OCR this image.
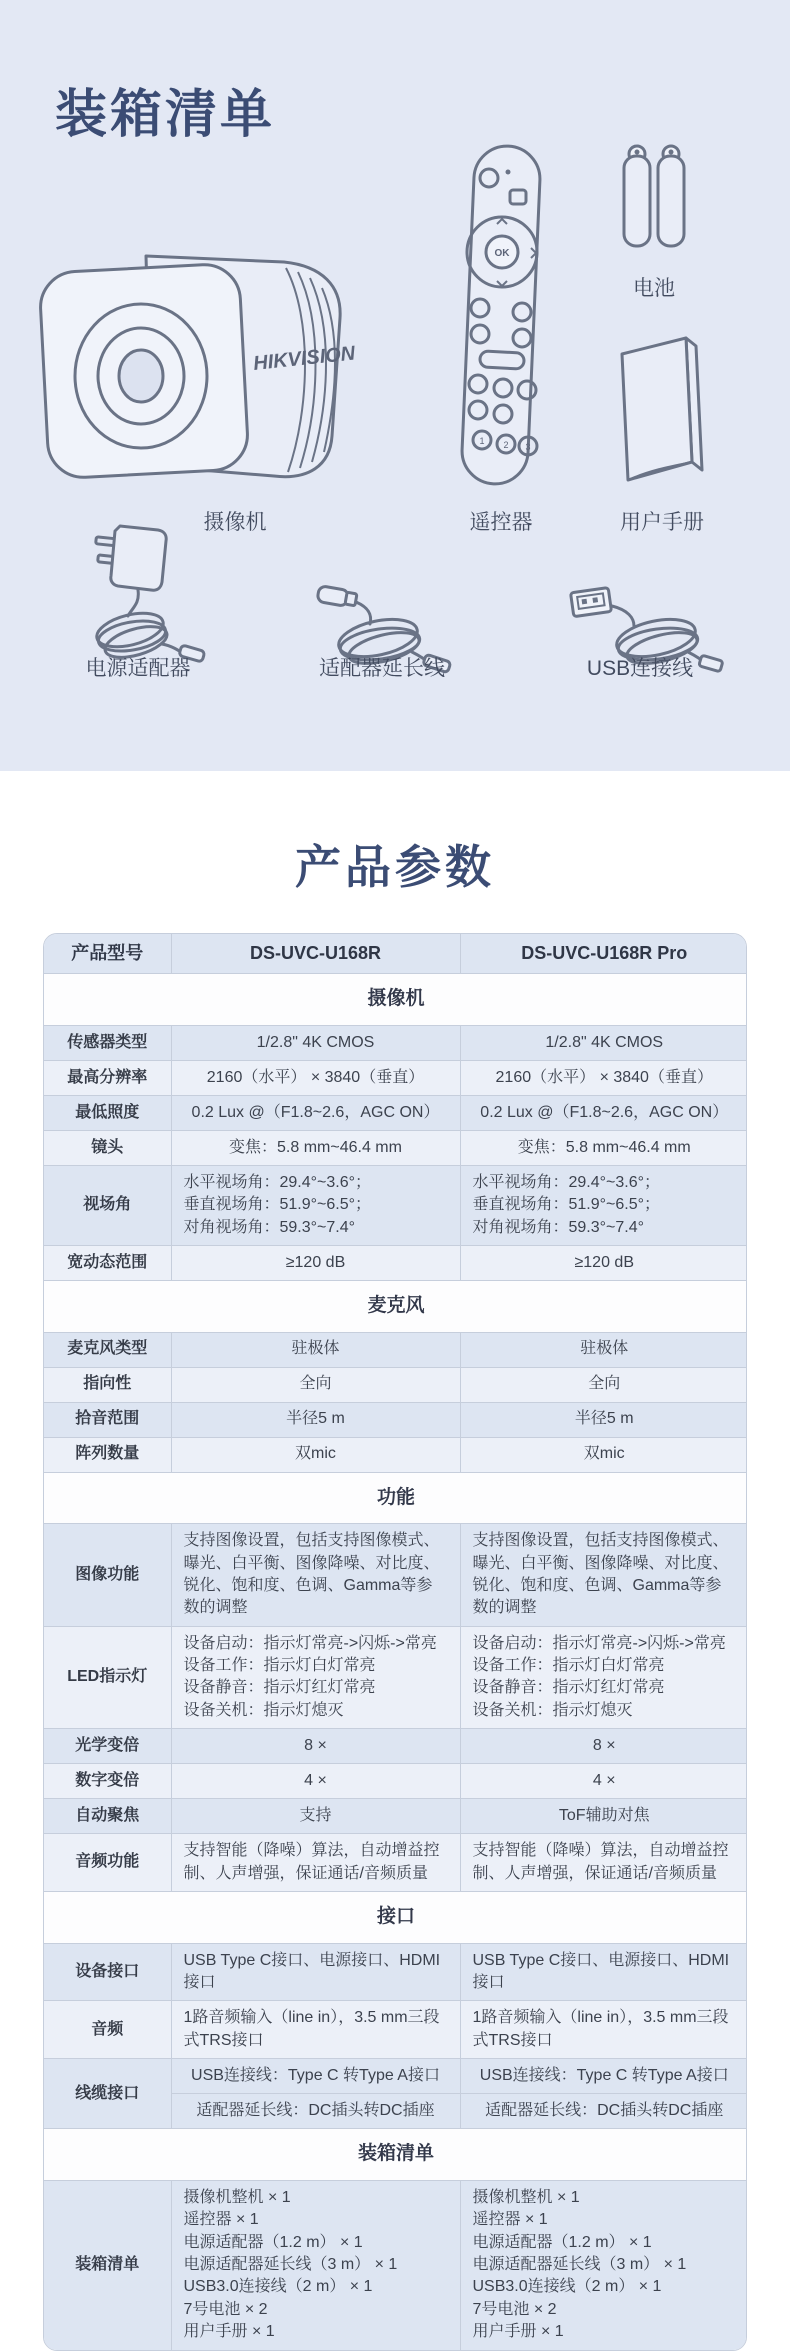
装箱清单
HIKVISION
OK
1 2 3
摄像机	遥控器
电池
用户手册
电源适配器	适配器延长线	USB连接线
产品参数
产品型号	DS-UVC-U168R	DS-UVC-U168R Pro
摄像机		
传感器类型	1/2.8" 4K CMOS	1/2.8" 4K CMOS
最高分辨率	2160（水平） × 3840（垂直）	2160（水平） × 3840（垂直）
最低照度	0.2 Lux @（F1.8~2.6，AGC ON）	0.2 Lux @（F1.8~2.6，AGC ON）
镜头	变焦：5.8 mm~46.4 mm	变焦：5.8 mm~46.4 mm
视场角	水平视场角：29.4°~3.6°；
垂直视场角：51.9°~6.5°；
对角视场角：59.3°~7.4°	水平视场角：29.4°~3.6°；
垂直视场角：51.9°~6.5°；
对角视场角：59.3°~7.4°
宽动态范围	≥120 dB	≥120 dB
麦克风		
麦克风类型	驻极体	驻极体
指向性	全向	全向
拾音范围	半径5 m	半径5 m
阵列数量	双mic	双mic
功能		
图像功能	支持图像设置，包括支持图像模式、曝光、白平衡、图像降噪、对比度、锐化、饱和度、色调、Gamma等参数的调整	支持图像设置，包括支持图像模式、曝光、白平衡、图像降噪、对比度、锐化、饱和度、色调、Gamma等参数的调整
LED指示灯	设备启动：指示灯常亮->闪烁->常亮
设备工作：指示灯白灯常亮
设备静音：指示灯红灯常亮
设备关机：指示灯熄灭	设备启动：指示灯常亮->闪烁->常亮
设备工作：指示灯白灯常亮
设备静音：指示灯红灯常亮
设备关机：指示灯熄灭
光学变倍	8 ×	8 ×
数字变倍	4 ×	4 ×
自动聚焦	支持	ToF辅助对焦
音频功能	支持智能（降噪）算法，自动增益控制、人声增强，保证通话/音频质量	支持智能（降噪）算法，自动增益控制、人声增强，保证通话/音频质量
接口		
设备接口	USB Type C接口、电源接口、HDMI接口	USB Type C接口、电源接口、HDMI接口
音频	1路音频输入（line in），3.5 mm三段式TRS接口	1路音频输入（line in），3.5 mm三段式TRS接口
线缆接口	USB连接线：Type C 转Type A接口	USB连接线：Type C 转Type A接口
	适配器延长线：DC插头转DC插座	适配器延长线：DC插头转DC插座
装箱清单		
装箱清单	摄像机整机 × 1
遥控器 × 1
电源适配器（1.2 m） × 1
电源适配器延长线（3 m） × 1
USB3.0连接线（2 m） × 1
7号电池 × 2
用户手册 × 1	摄像机整机 × 1
遥控器 × 1
电源适配器（1.2 m） × 1
电源适配器延长线（3 m） × 1
USB3.0连接线（2 m） × 1
7号电池 × 2
用户手册 × 1
